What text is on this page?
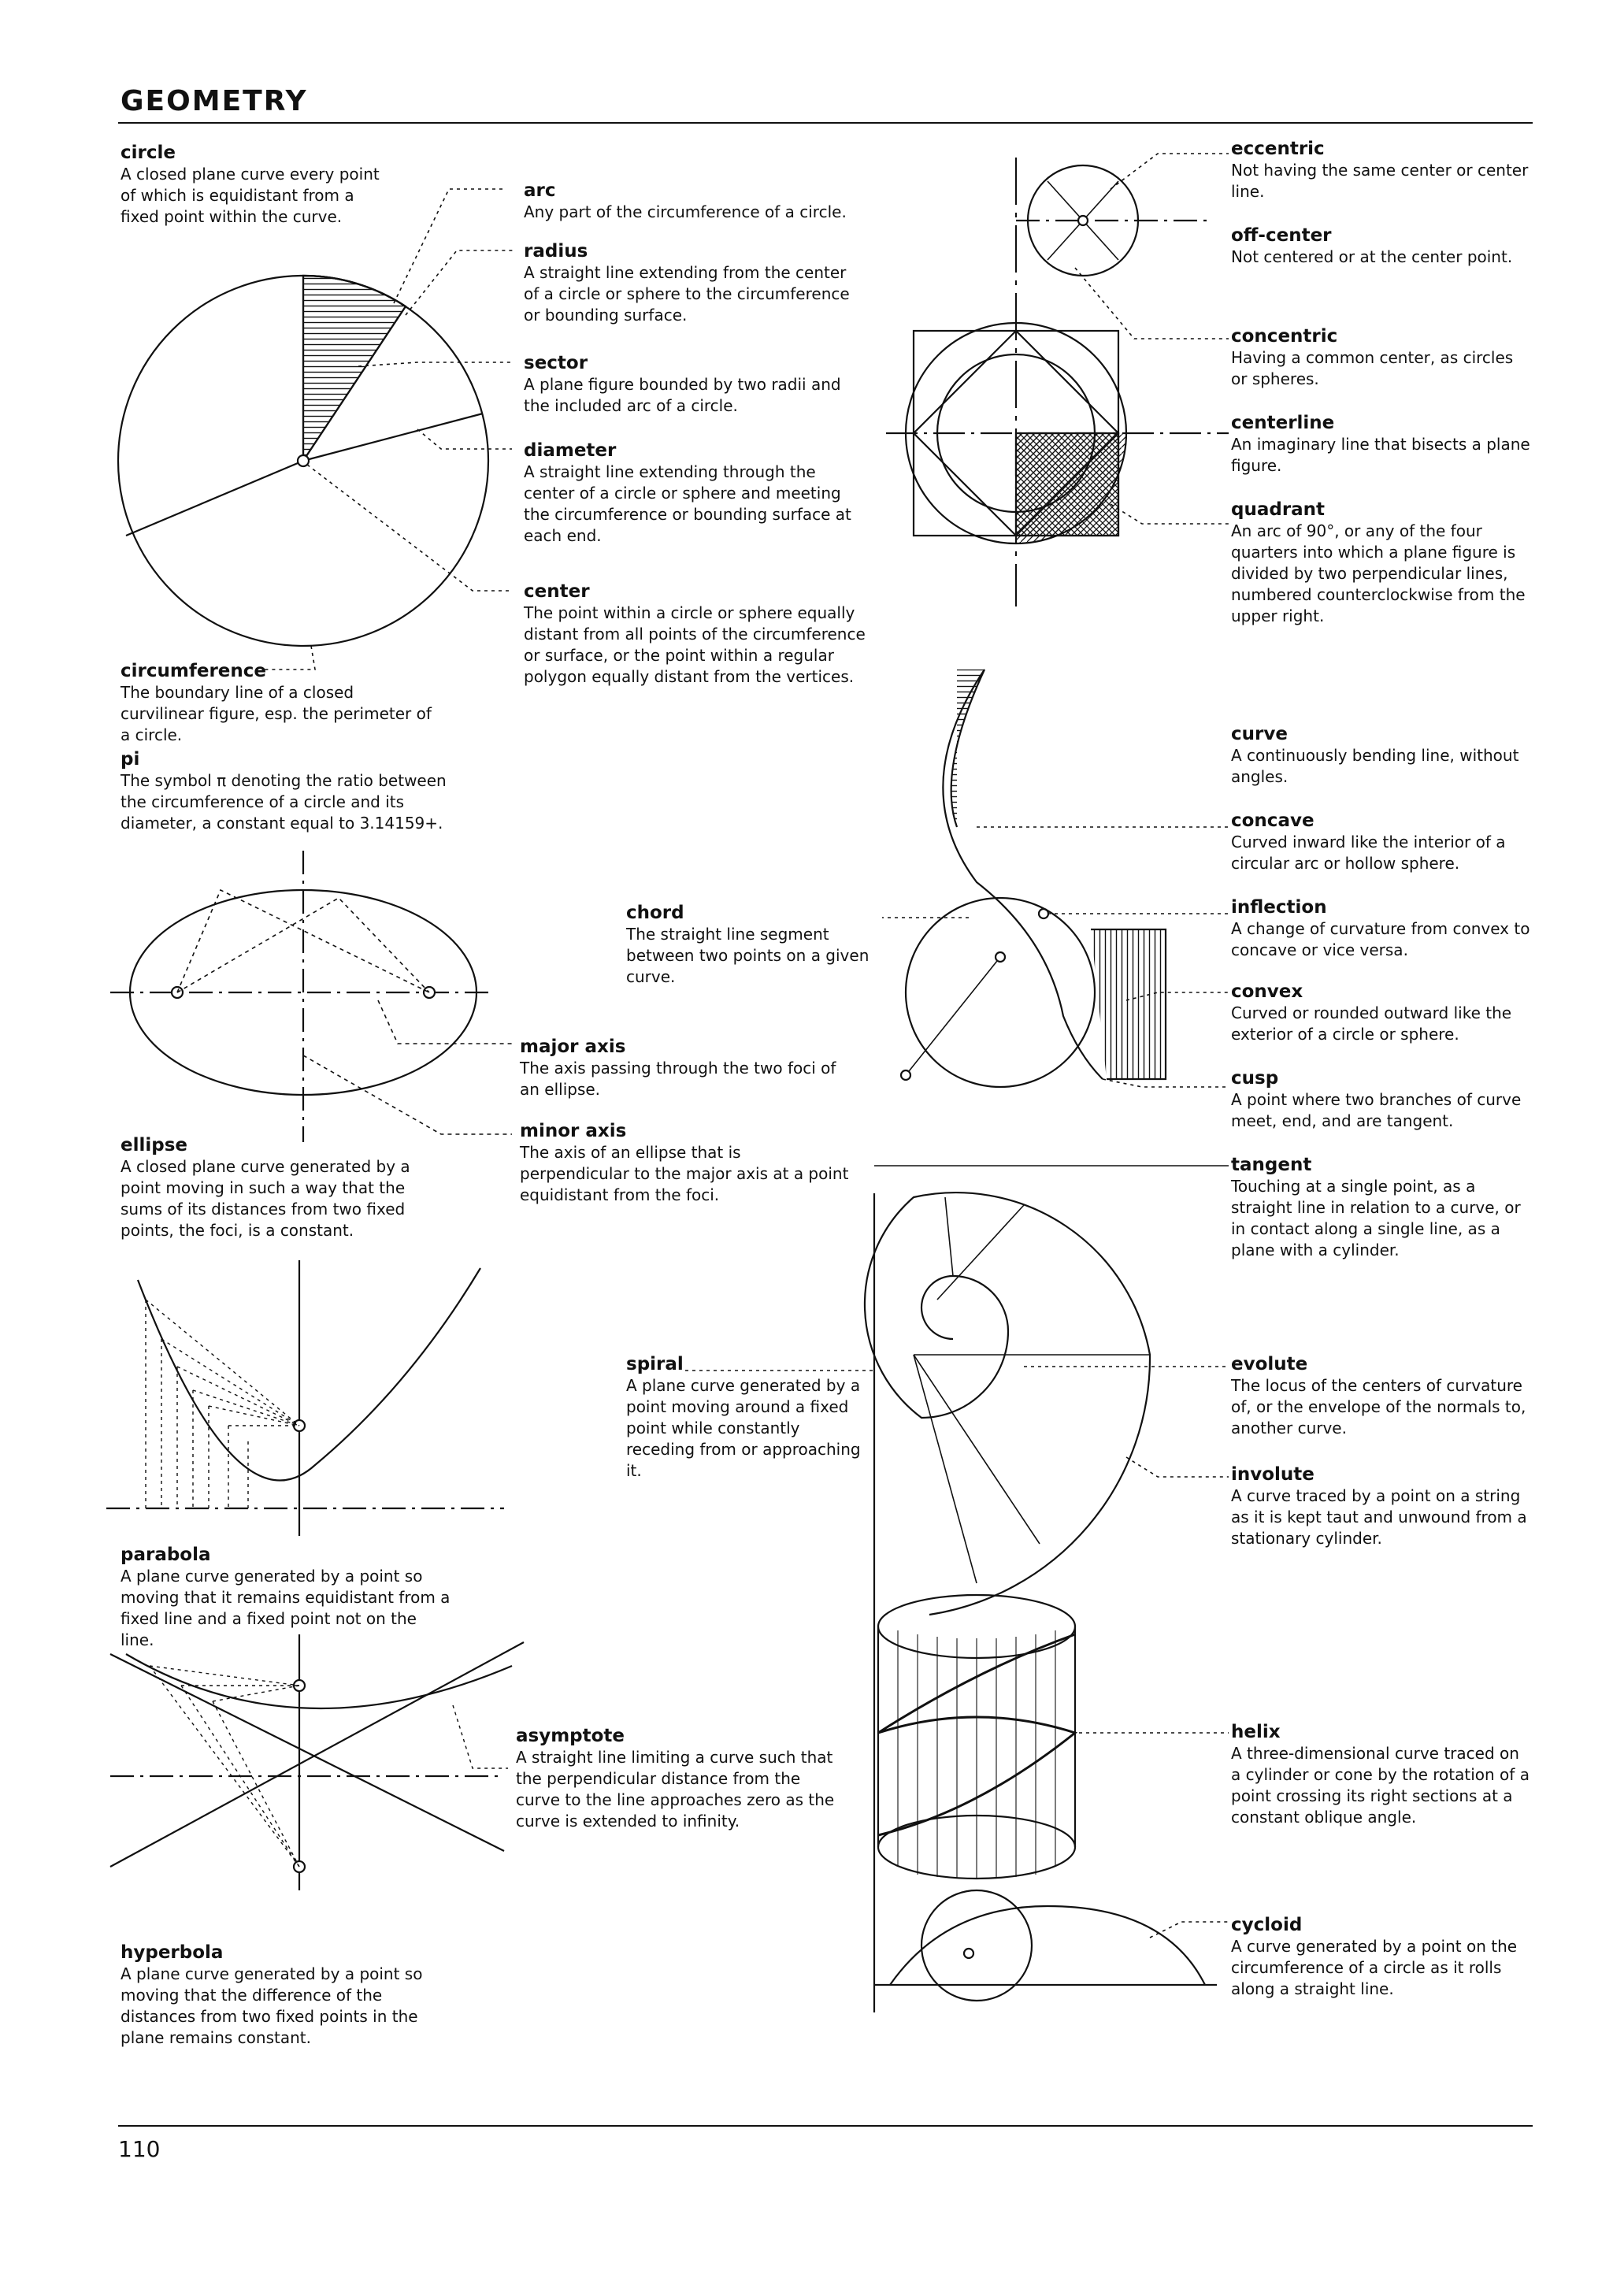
GEOMETRY
110
circle
A closed plane curve every point of which is equidistant from a fixed point within the curve.
circumference
The boundary line of a closed curvilinear figure, esp. the perimeter of a circle.
pi
The symbol π denoting the ratio between the circumference of a circle and its diameter, a constant equal to 3.14159+.
ellipse
A closed plane curve generated by a point moving in such a way that the sums of its distances from two fixed points, the foci, is a constant.
parabola
A plane curve generated by a point so moving that it remains equidistant from a fixed line and a fixed point not on the line.
hyperbola
A plane curve generated by a point so moving that the difference of the distances from two fixed points in the plane remains constant.
arc
Any part of the circumference of a circle.
radius
A straight line extending from the center of a circle or sphere to the circumference or bounding surface.
sector
A plane figure bounded by two radii and the included arc of a circle.
diameter
A straight line extending through the center of a circle or sphere and meeting the circumference or bounding surface at each end.
center
The point within a circle or sphere equally distant from all points of the circumference or surface, or the point within a regular polygon equally distant from the vertices.
chord
The straight line segment between two points on a given curve.
major axis
The axis passing through the two foci of an ellipse.
minor axis
The axis of an ellipse that is perpendicular to the major axis at a point equidistant from the foci.
spiral
A plane curve generated by a point moving around a fixed point while constantly receding from or approaching it.
asymptote
A straight line limiting a curve such that the perpendicular distance from the curve to the line approaches zero as the curve is extended to infinity.
eccentric
Not having the same center or center line.
off-center
Not centered or at the center point.
concentric
Having a common center, as circles or spheres.
centerline
An imaginary line that bisects a plane figure.
quadrant
An arc of 90°, or any of the four quarters into which a plane figure is divided by two perpendicular lines, numbered counterclockwise from the upper right.
curve
A continuously bending line, without angles.
concave
Curved inward like the interior of a circular arc or hollow sphere.
inflection
A change of curvature from convex to concave or vice versa.
convex
Curved or rounded outward like the exterior of a circle or sphere.
cusp
A point where two branches of curve meet, end, and are tangent.
tangent
Touching at a single point, as a straight line in relation to a curve, or in contact along a single line, as a plane with a cylinder.
evolute
The locus of the centers of curvature of, or the envelope of the normals to, another curve.
involute
A curve traced by a point on a string as it is kept taut and unwound from a stationary cylinder.
helix
A three-dimensional curve traced on a cylinder or cone by the rotation of a point crossing its right sections at a constant oblique angle.
cycloid
A curve generated by a point on the circumference of a circle as it rolls along a straight line.
